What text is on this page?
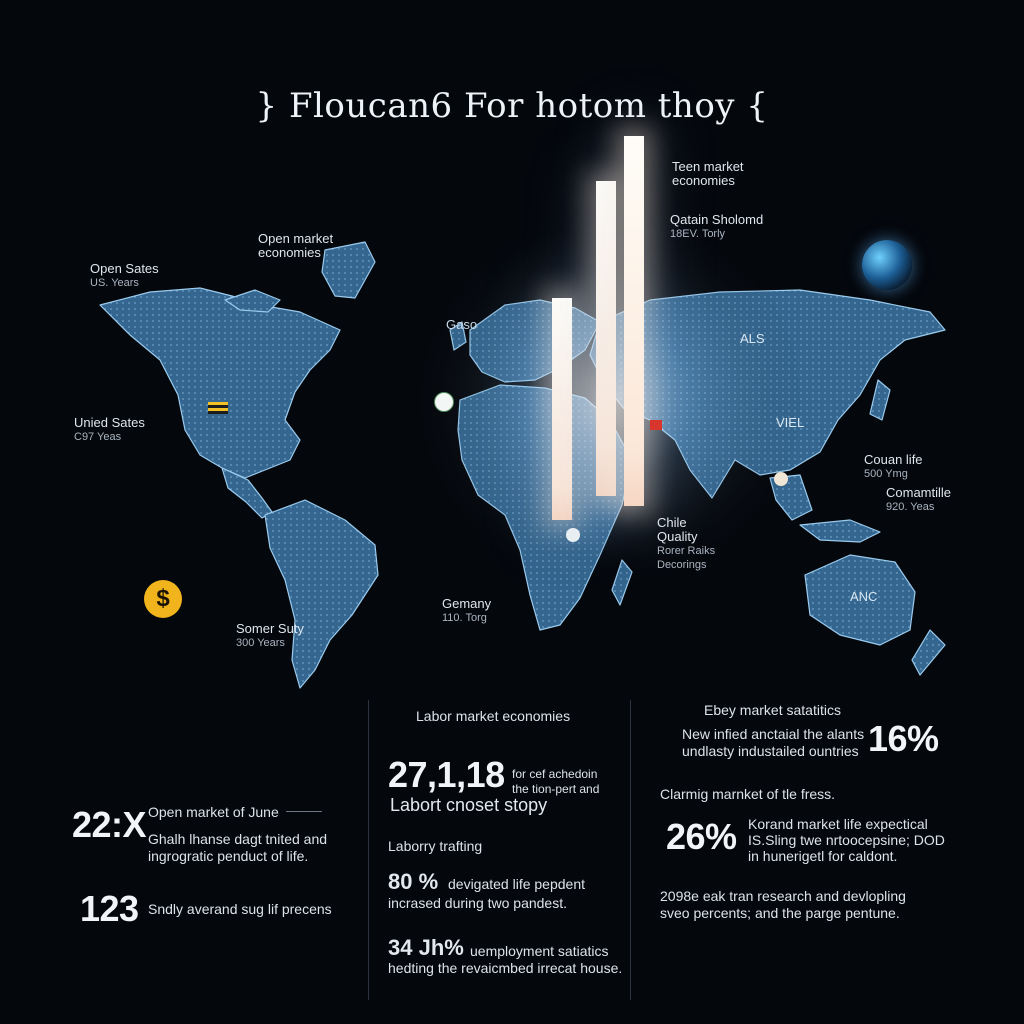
} Floucan6 For hotom thoy {
$
Open Sates
US. Years
Open market
economies
Unied Sates
C97 Yeas
Teen market
economies
Qatain Sholomd
18EV. Torly
Chile
Quality
Rorer Raiks
Decorings
Gemany
110. Torg
Somer Suty
300 Years
Couan life
500 Ymg
Comamtille
920. Yeas
ALS
VIEL
ANC
Gaso
22:X Open market of June
Ghalh lhanse dagt tnited and
ingrogratic penduct of life.
123 Sndly averand sug lif precens
Labor market economies
27,1,18 for cef achedoin
the tion-pert and
Labort cnoset stopy
Laborry trafting
80 % devigated life pepdent
incrased during two pandest.
34 Jh% uemployment satiatics
hedting the revaicmbed irrecat house.
Ebey market satatitics
New infied anctaial the alants
undlasty industailed ountries 16%
Clarmig marnket of tle fress.
26% Korand market life expectical
IS.Sling twe nrtoocepsine; DOD
in hunerigetl for caldont.
2098e eak tran research and devlopling
sveo percents; and the parge pentune.
